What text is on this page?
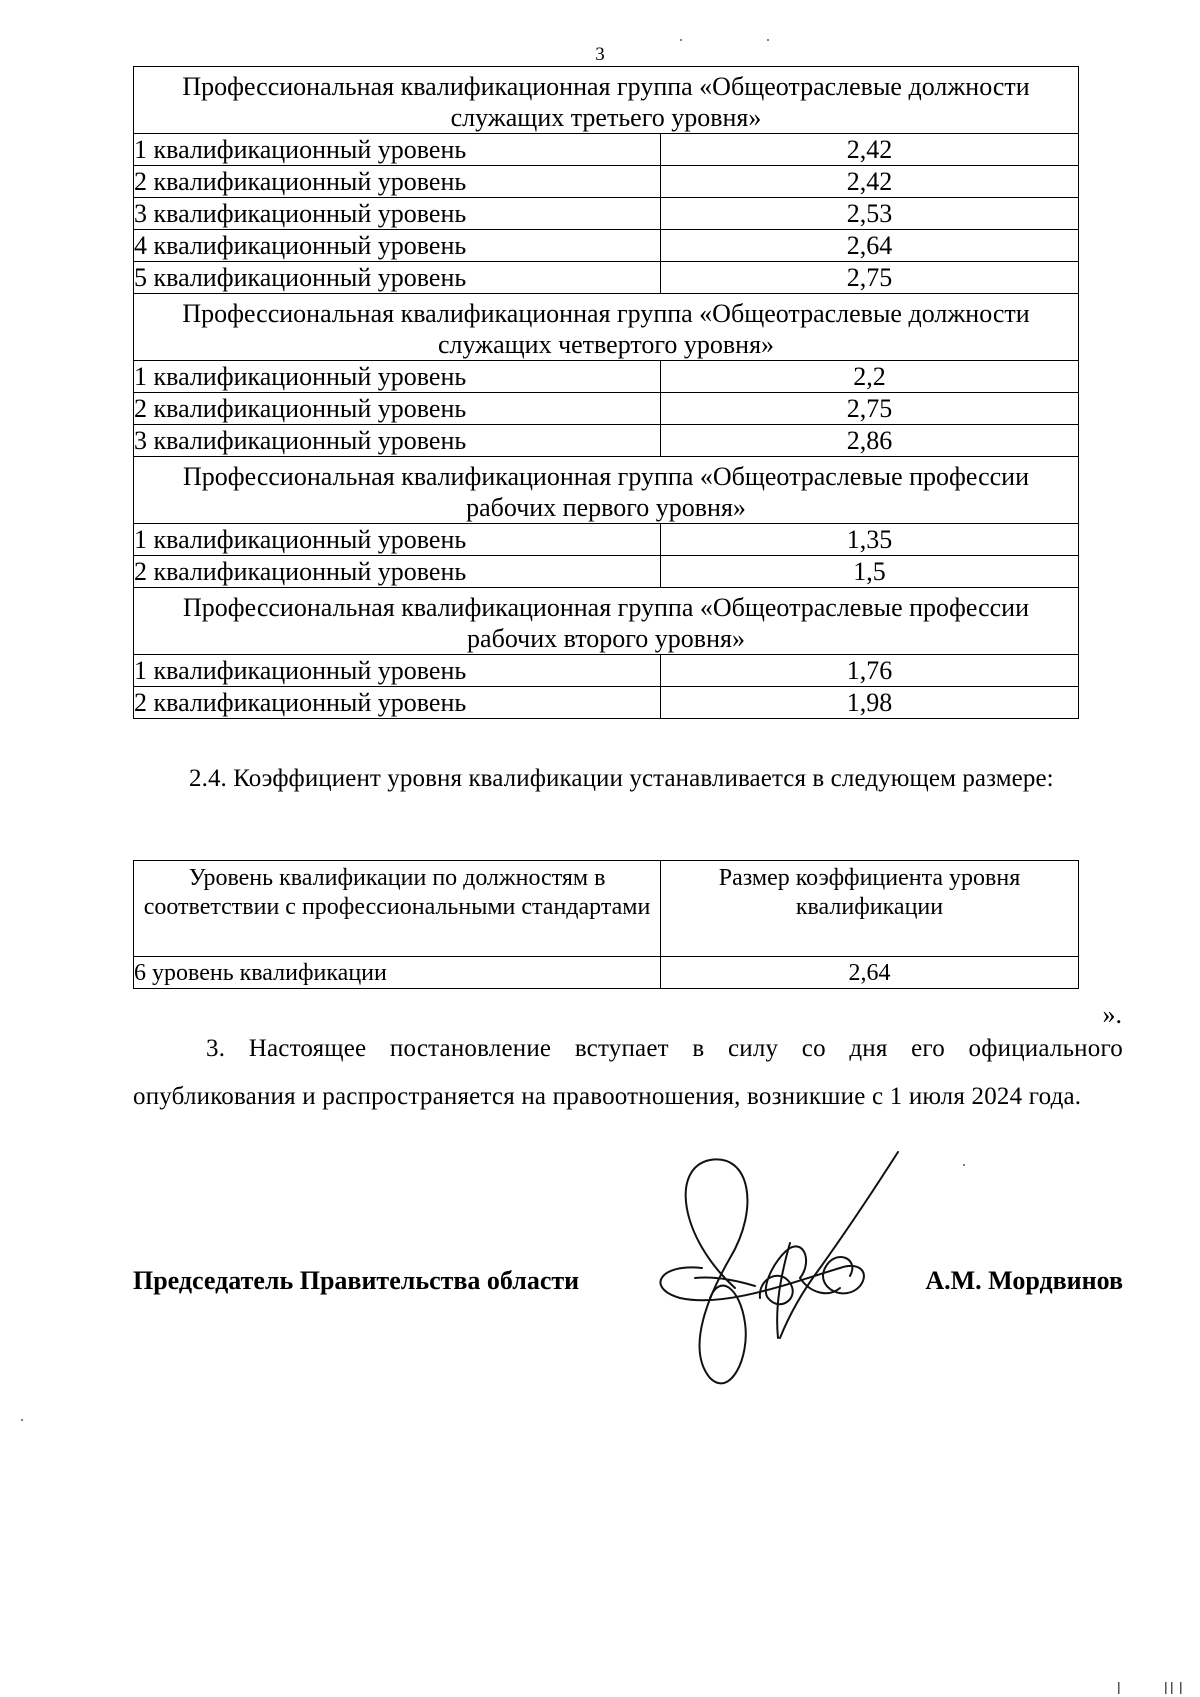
3
Профессиональная квалификационная группа «Общеотраслевые должности
служащих третьего уровня»	

1 квалификационный уровень	2,42
2 квалификационный уровень	2,42
3 квалификационный уровень	2,53
4 квалификационный уровень	2,64
5 квалификационный уровень	2,75

Профессиональная квалификационная группа «Общеотраслевые должности
служащих четвертого уровня»	

1 квалификационный уровень	2,2
2 квалификационный уровень	2,75
3 квалификационный уровень	2,86

Профессиональная квалификационная группа «Общеотраслевые профессии
рабочих первого уровня»	

1 квалификационный уровень	1,35
2 квалификационный уровень	1,5

Профессиональная квалификационная группа «Общеотраслевые профессии
рабочих второго уровня»	

1 квалификационный уровень	1,76
2 квалификационный уровень	1,98
2.4. Коэффициент уровня квалификации устанавливается в следующем размере:
Уровень квалификации по должностям в соответствии с профессиональными стандартами	Размер коэффициента уровня квалификации
6 уровень квалификации	2,64
».
3. Настоящее постановление вступает в силу со дня его официального опубликования и распространяется на правоотношения, возникшие с 1 июля 2024 года.
Председатель Правительства области	А.М. Мордвинов
